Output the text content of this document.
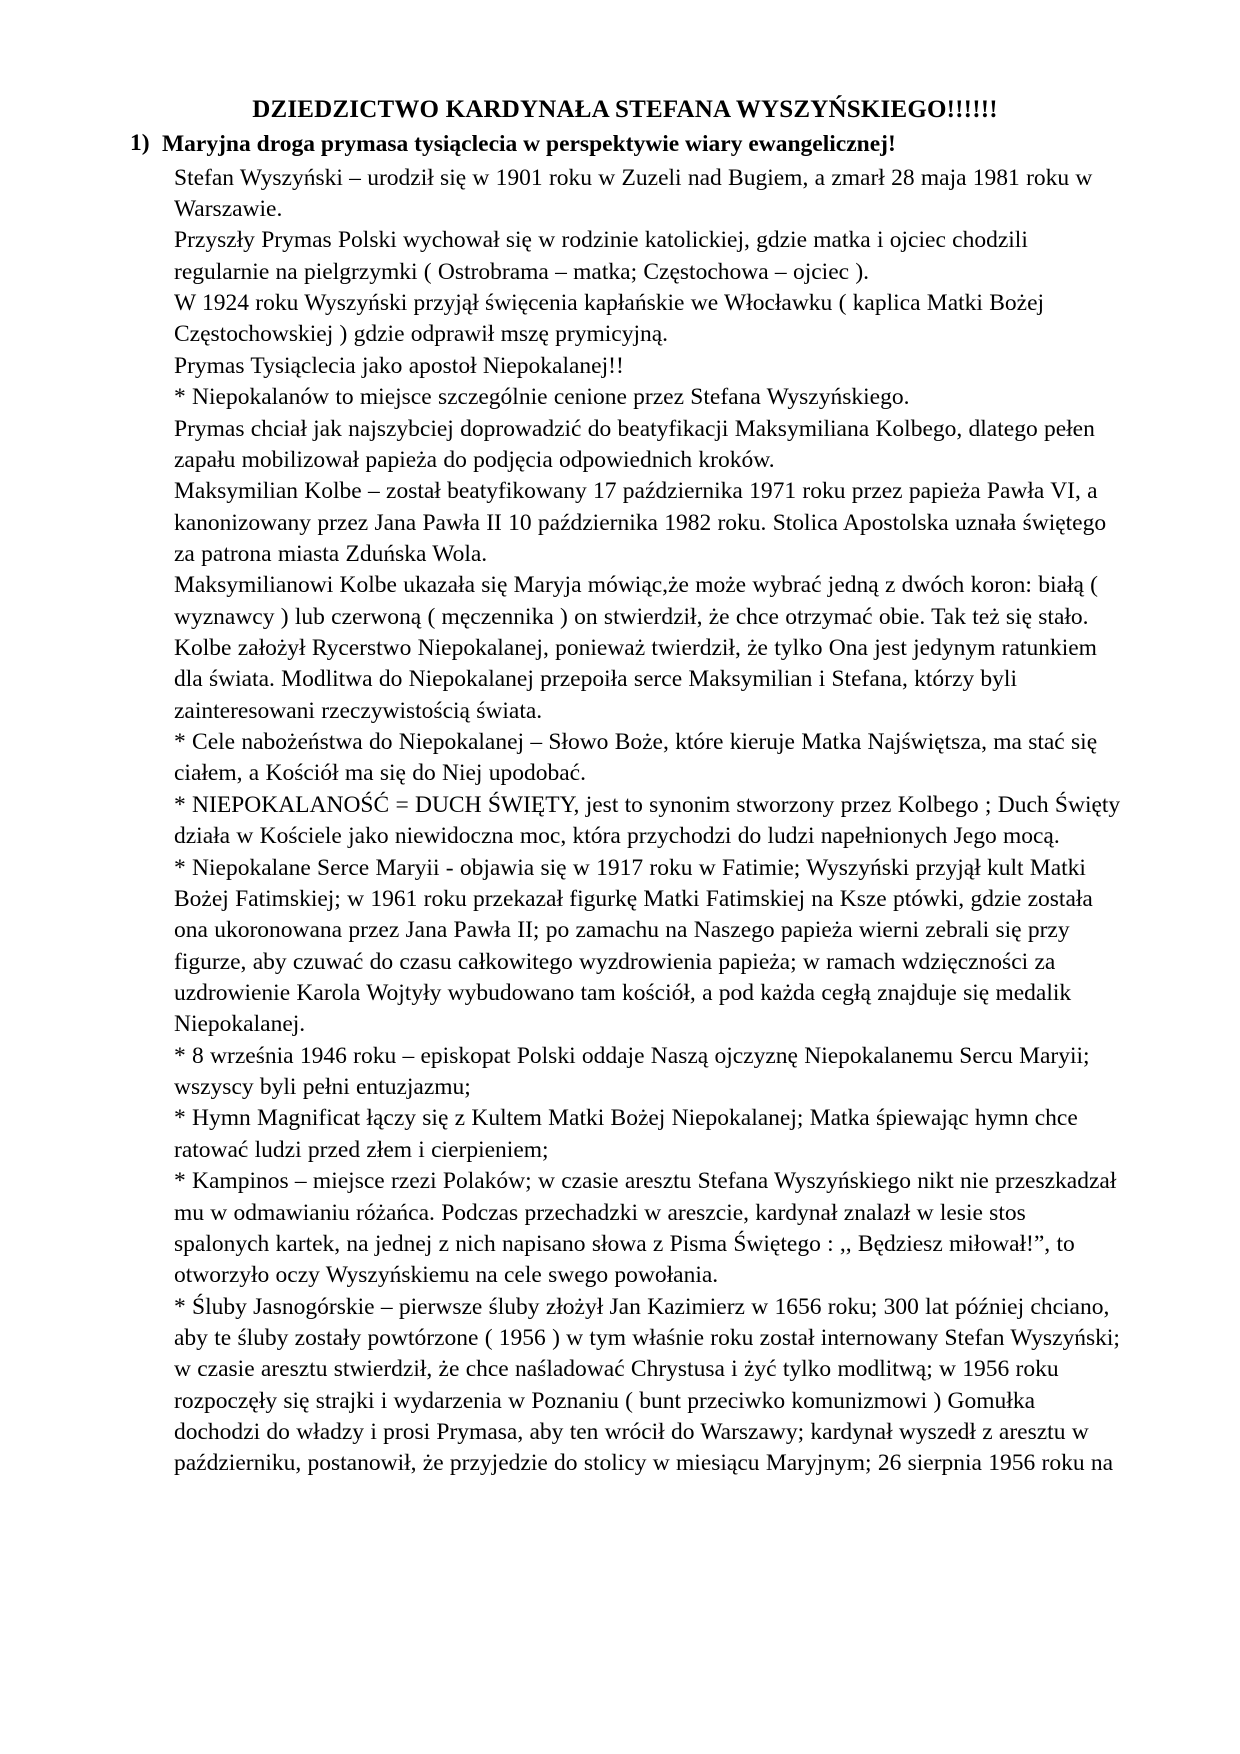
DZIEDZICTWO KARDYNAŁA STEFANA WYSZYŃSKIEGO!!!!!!
1) Maryjna droga prymasa tysiąclecia w perspektywie wiary ewangelicznej!

Stefan Wyszyński – urodził się w 1901 roku w Zuzeli nad Bugiem, a zmarł 28 maja 1981 roku w Warszawie.

Przyszły Prymas Polski wychował się w rodzinie katolickiej, gdzie matka i ojciec chodzili regularnie na pielgrzymki ( Ostrobrama – matka; Częstochowa – ojciec ).

W 1924 roku Wyszyński przyjął święcenia kapłańskie we Włocławku ( kaplica Matki Bożej Częstochowskiej ) gdzie odprawił mszę prymicyjną.

Prymas Tysiąclecia jako apostoł Niepokalanej!!

* Niepokalanów to miejsce szczególnie cenione przez Stefana Wyszyńskiego.

Prymas chciał jak najszybciej doprowadzić do beatyfikacji Maksymiliana Kolbego, dlatego pełen zapału mobilizował papieża do podjęcia odpowiednich kroków.

Maksymilian Kolbe – został beatyfikowany 17 października 1971 roku przez papieża Pawła VI, a kanonizowany przez Jana Pawła II 10 października 1982 roku. Stolica Apostolska uznała świętego za patrona miasta Zduńska Wola.

Maksymilianowi Kolbe ukazała się Maryja mówiąc,że może wybrać jedną z dwóch koron: białą ( wyznawcy ) lub czerwoną ( męczennika ) on stwierdził, że chce otrzymać obie. Tak też się stało. Kolbe założył Rycerstwo Niepokalanej, ponieważ twierdził, że tylko Ona jest jedynym ratunkiem dla świata. Modlitwa do Niepokalanej przepoiła serce Maksymilian i Stefana, którzy byli zainteresowani rzeczywistością świata.

* Cele nabożeństwa do Niepokalanej – Słowo Boże, które kieruje Matka Najświętsza, ma stać się ciałem, a Kościół ma się do Niej upodobać.

* NIEPOKALANOŚĆ = DUCH ŚWIĘTY, jest to synonim stworzony przez Kolbego ; Duch Święty działa w Kościele jako niewidoczna moc, która przychodzi do ludzi napełnionych Jego mocą.

* Niepokalane Serce Maryii - objawia się w 1917 roku w Fatimie; Wyszyński przyjął kult Matki Bożej Fatimskiej; w 1961 roku przekazał figurkę Matki Fatimskiej na Ksze ptówki, gdzie została ona ukoronowana przez Jana Pawła II; po zamachu na Naszego papieża wierni zebrali się przy figurze, aby czuwać do czasu całkowitego wyzdrowienia papieża; w ramach wdzięczności za uzdrowienie Karola Wojtyły wybudowano tam kościół, a pod każda cegłą znajduje się medalik Niepokalanej.

* 8 września 1946 roku – episkopat Polski oddaje Naszą ojczyznę Niepokalanemu Sercu Maryii; wszyscy byli pełni entuzjazmu;

* Hymn Magnificat łączy się z Kultem Matki Bożej Niepokalanej; Matka śpiewając hymn chce ratować ludzi przed złem i cierpieniem;

* Kampinos – miejsce rzezi Polaków; w czasie aresztu Stefana Wyszyńskiego nikt nie przeszkadzał mu w odmawianiu różańca. Podczas przechadzki w areszcie, kardynał znalazł w lesie stos spalonych kartek, na jednej z nich napisano słowa z Pisma Świętego : ,, Będziesz miłował!”, to otworzyło oczy Wyszyńskiemu na cele swego powołania.

* Śluby Jasnogórskie – pierwsze śluby złożył Jan Kazimierz w 1656 roku; 300 lat później chciano, aby te śluby zostały powtórzone ( 1956 ) w tym właśnie roku został internowany Stefan Wyszyński; w czasie aresztu stwierdził, że chce naśladować Chrystusa i żyć tylko modlitwą; w 1956 roku rozpoczęły się strajki i wydarzenia w Poznaniu ( bunt przeciwko komunizmowi ) Gomułka dochodzi do władzy i prosi Prymasa, aby ten wrócił do Warszawy; kardynał wyszedł z aresztu w październiku, postanowił, że przyjedzie do stolicy w miesiącu Maryjnym; 26 sierpnia 1956 roku na
